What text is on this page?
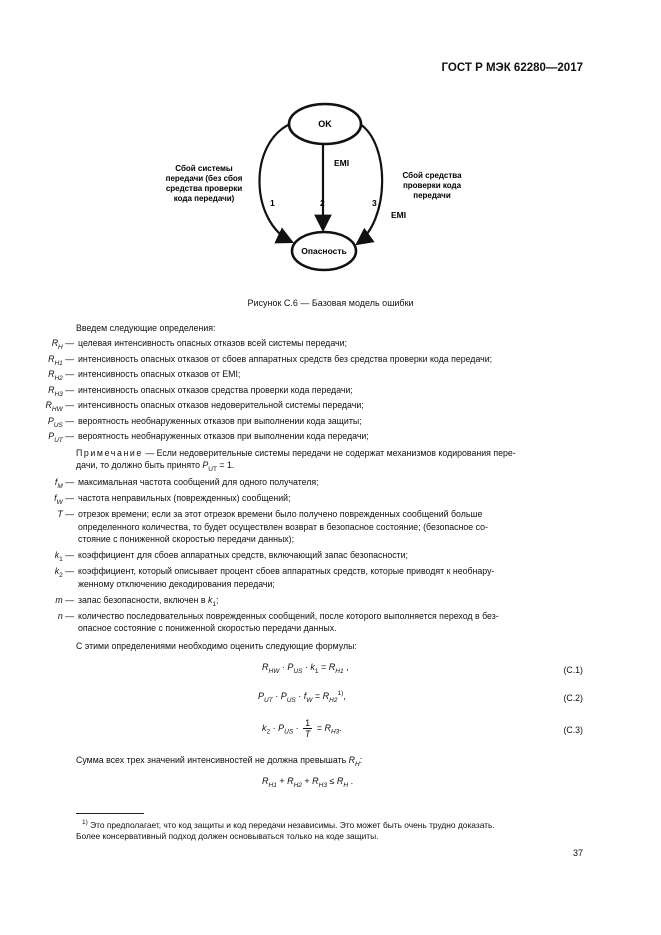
ГОСТ Р МЭК 62280—2017
OK
Опасность
EMI
EMI
1	2	3
Сбой системы
передачи (без сбоя
средства проверки
кода передачи)
Сбой средства
проверки кода
передачи
Рисунок С.6 — Базовая модель ошибки
Введем следующие определения:
$R_H$ — целевая интенсивность опасных отказов всей системы передачи;
$R_{H1}$ — интенсивность опасных отказов от сбоев аппаратных средств без средства проверки кода передачи;
$R_{H2}$ — интенсивность опасных отказов от EMI;
$R_{H3}$ — интенсивность опасных отказов средства проверки кода передачи;
$R_{HW}$ — интенсивность опасных отказов недоверительной системы передачи;
$P_{US}$ — вероятность необнаруженных отказов при выполнении кода защиты;
$P_{UT}$ — вероятность необнаруженных отказов при выполнении кода передачи;
Примечание — Если недоверительные системы передачи не содержат механизмов кодирования пере-
дачи, то должно быть принято $P_{UT} = 1$.
$f_M$ — максимальная частота сообщений для одного получателя;
$f_W$ — частота неправильных (поврежденных) сообщений;
T — отрезок времени; если за этот отрезок времени было получено поврежденных сообщений больше
определенного количества, то будет осуществлен возврат в безопасное состояние; (безопасное со-
стояние с пониженной скоростью передачи данных);
$k_1$ — коэффициент для сбоев аппаратных средств, включающий запас безопасности;
$k_2$ — коэффициент, который описывает процент сбоев аппаратных средств, которые приводят к необнару-
женному отключению декодирования передачи;
m — запас безопасности, включен в $k_1$;
n — количество последовательных поврежденных сообщений, после которого выполняется переход в без-
опасное состояние с пониженной скоростью передачи данных.
С этими определениями необходимо оценить следующие формулы:
$R_{HW} \cdot P_{US} \cdot k_1 = R_{H1}$ ,	(С.1)
$P_{UT} \cdot P_{US} \cdot f_W = R_{H2}^{1)}$,	(С.2)
$k_2 \cdot P_{US} \cdot \frac{1}{T} = R_{H3}$.	(С.3)
Сумма всех трех значений интенсивностей не должна превышать $R_H$:
$R_{H1} + R_{H2} + R_{H3} \le R_H$ .
$^{1)}$ Это предполагает, что код защиты и код передачи независимы. Это может быть очень трудно доказать.
Более консервативный подход должен основываться только на коде защиты.
37
